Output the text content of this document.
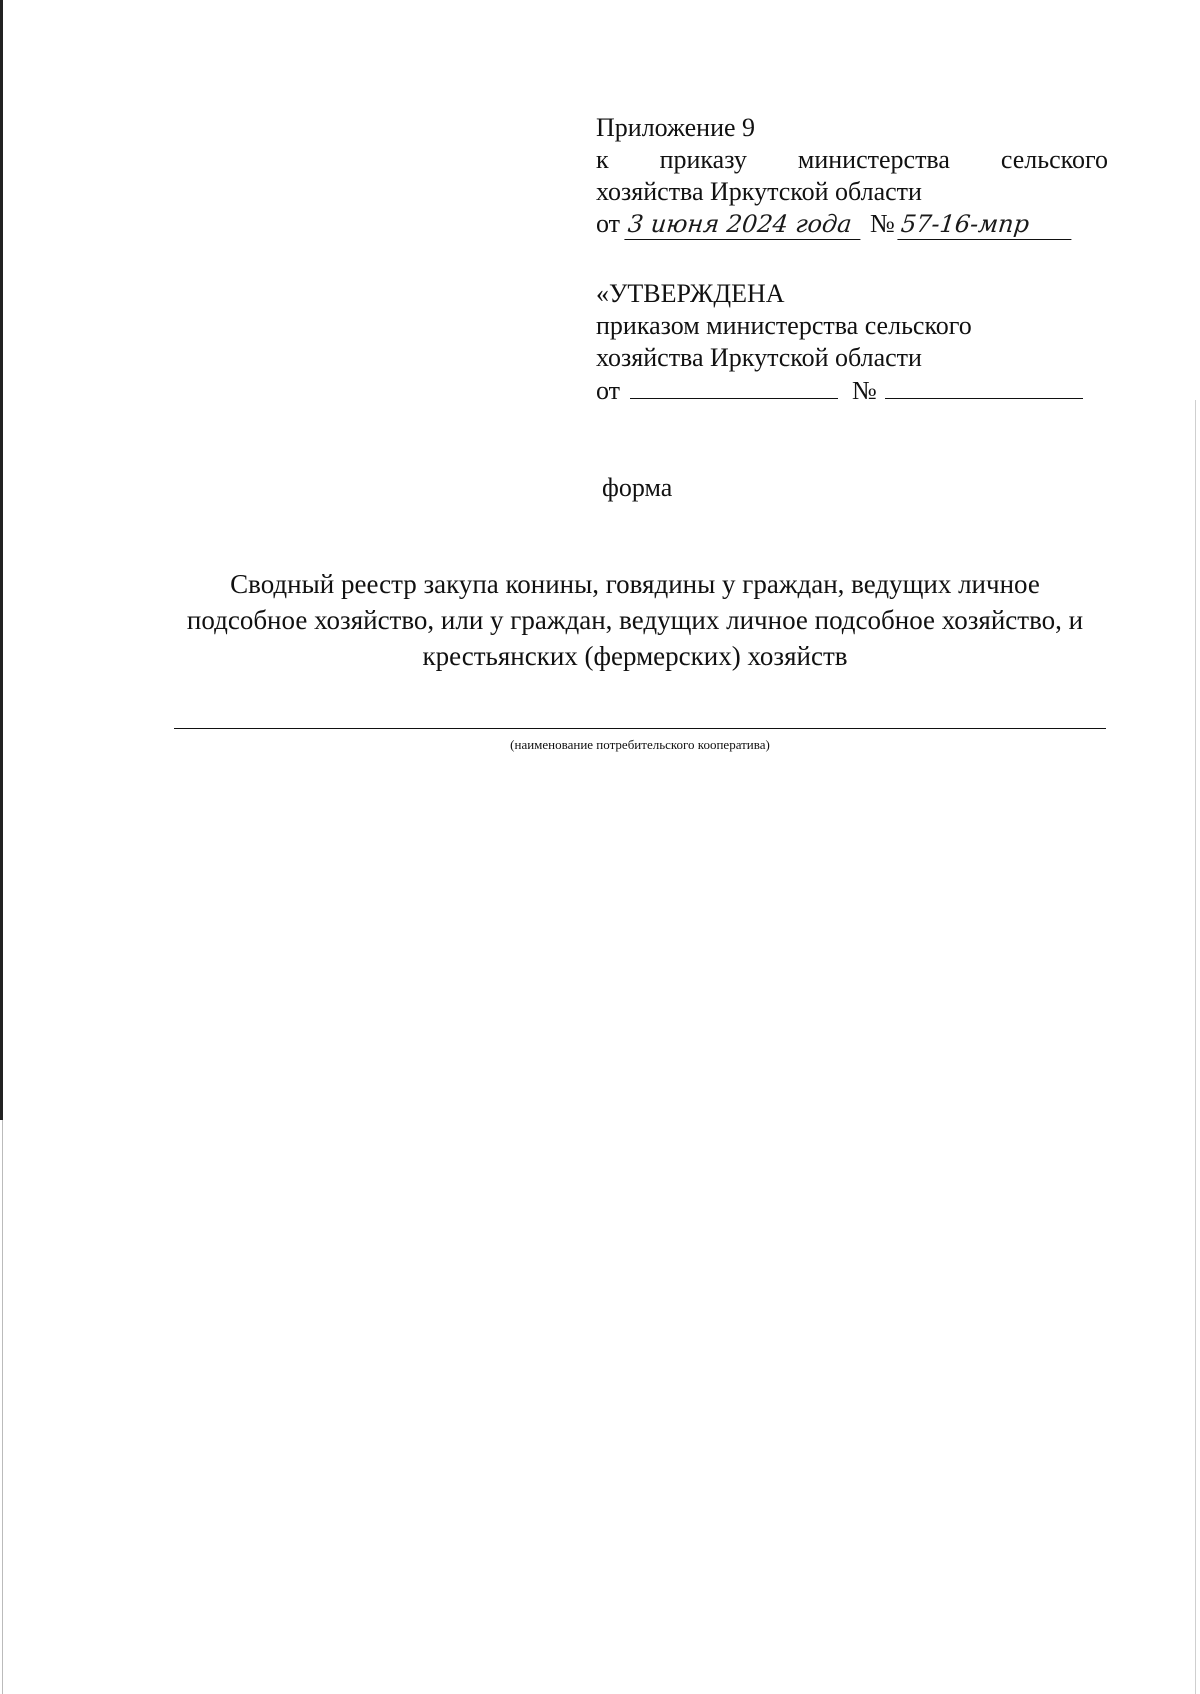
Приложение 9
к приказу министерства сельского
хозяйства Иркутской области
от 3 июня 2024 года № 57-16-мпр
«УТВЕРЖДЕНА
приказом министерства сельского
хозяйства Иркутской области
от	№
форма
Сводный реестр закупа конины, говядины у граждан, ведущих личное
подсобное хозяйство, или у граждан, ведущих личное подсобное хозяйство, и
крестьянских (фермерских) хозяйств
(наименование потребительского кооператива)
